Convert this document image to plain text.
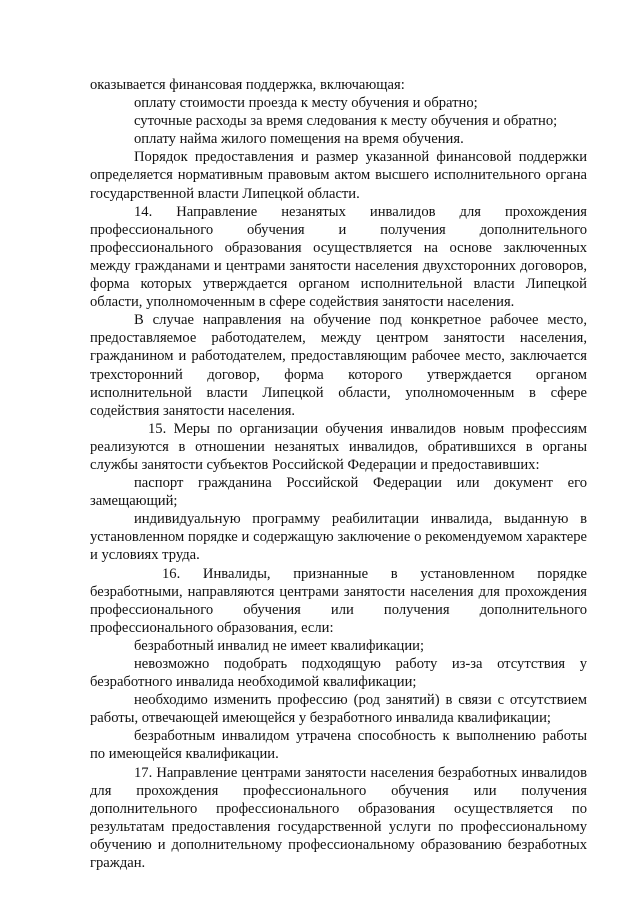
оказывается финансовая поддержка, включающая:

оплату стоимости проезда к месту обучения и обратно;

суточные расходы за время следования к месту обучения и обратно;

оплату найма жилого помещения на время обучения.

Порядок предоставления и размер указанной финансовой поддержки определяется нормативным правовым актом высшего исполнительного органа государственной власти Липецкой области.

14. Направление незанятых инвалидов для прохождения профессионального обучения и получения дополнительного профессионального образования осуществляется на основе заключенных между гражданами и центрами занятости населения двухсторонних договоров, форма которых утверждается органом исполнительной власти Липецкой области, уполномоченным в сфере содействия занятости населения.

В случае направления на обучение под конкретное рабочее место, предоставляемое работодателем, между центром занятости населения, гражданином и работодателем, предоставляющим рабочее место, заключается трехсторонний договор, форма которого утверждается органом исполнительной власти Липецкой области, уполномоченным в сфере содействия занятости населения.

15. Меры по организации обучения инвалидов новым профессиям реализуются в отношении незанятых инвалидов, обратившихся в органы службы занятости субъектов Российской Федерации и предоставивших:

паспорт гражданина Российской Федерации или документ его замещающий;

индивидуальную программу реабилитации инвалида, выданную в установленном порядке и содержащую заключение о рекомендуемом характере и условиях труда.

16. Инвалиды, признанные в установленном порядке безработными, направляются центрами занятости населения для прохождения профессионального обучения или получения дополнительного профессионального образования, если:

безработный инвалид не имеет квалификации;

невозможно подобрать подходящую работу из-за отсутствия у безработного инвалида необходимой квалификации;

необходимо изменить профессию (род занятий) в связи с отсутствием работы, отвечающей имеющейся у безработного инвалида квалификации;

безработным инвалидом утрачена способность к выполнению работы по имеющейся квалификации.

17. Направление центрами занятости населения безработных инвалидов для прохождения профессионального обучения или получения дополнительного профессионального образования осуществляется по результатам предоставления государственной услуги по профессиональному обучению и дополнительному профессиональному образованию безработных граждан.
